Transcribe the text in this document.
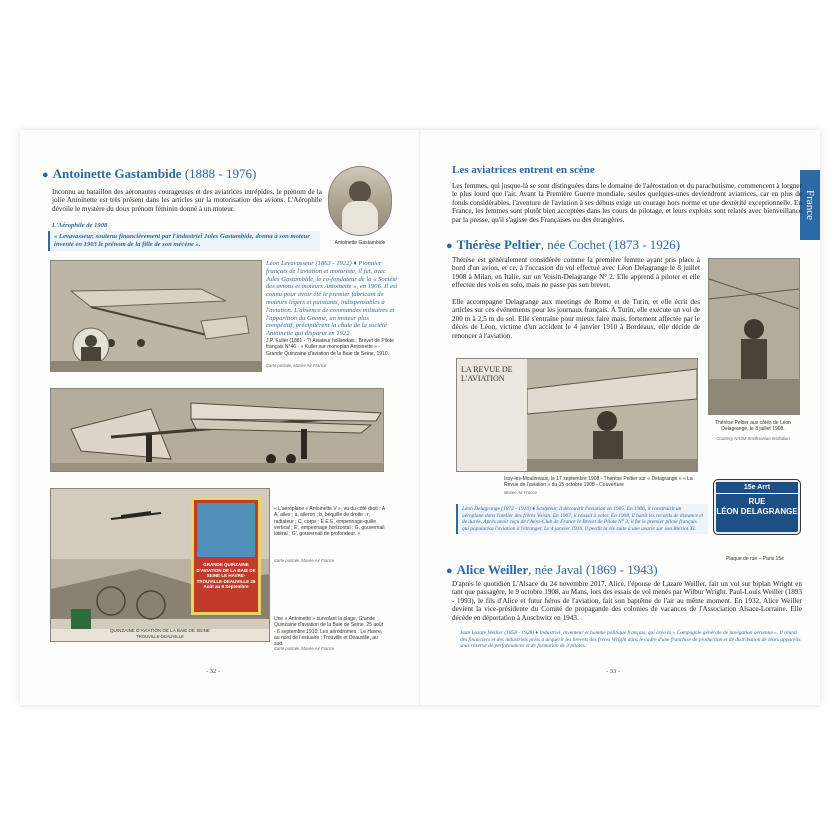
● Antoinette Gastambide (1888 - 1976)
Inconnu au bataillon des aéronautes courageuses et des aviatrices intrépides, le prénom de la jolie Antoinette est très présent dans les articles sur la motorisation des avions. L'Aérophile dévoile le mystère du doux prénom féminin donné à un moteur.
Antoinette Gastambide
L'Aérophile de 1908
« Levavasseur, soutenu financièrement par l'industriel Jules Gastambide, donna à son moteur inventé en 1903 le prénom de la fille de son mécène ».
Léon Levavasseur (1863 - 1922) ♦ Pionnier français de l'aviation et motoriste, il fut, avec Jules Gastambide, le co-fondateur de la « Société des avions et moteurs Antoinette », en 1906. Il est connu pour avoir été le premier fabricant de moteurs légers et puissants, indispensables à l'aviation. L'absence de commandes militaires et l'apparition du Gnome, un moteur plus compétitif, précipitèrent la chute de la société Antoinette qui disparut en 1922.
J.P. Kuller (1881 - ?) Aviateur hollandais ; Brevet de Pilote français N°46 - « Kuller sur monoplan Antoinette » - Grande Quinzaine d'aviation de la Baie de Seine, 1910.
Carte postale, Musée Air France
QUINZAINE D'AVIATION DE LA BAIE DE SEINE
TROUVILLE-DEAUVILLE
GRANDE QUINZAINE D'AVIATION DE LA BAIE DE SEINE LE HAVRE-TROUVILLE-DEAUVILLE 25 Août au 6 Septembre
« L'aéroplane « Antoinette V », vu du côté droit : A A, ailes ; a, aileron ; b, béquille de droite ; r, radiateur ; C, corps ; E E E, empennage-quille vertical ; E', empennage horizontal ; G, gouvernail latéral ; G', gouvernail de profondeur. »
Carte postale, Musée Air France
Une « Antoinette » survolant la plage. Grande Quinzaine d'aviation de la Baie de Seine, 25 août - 6 septembre 1910. Les aérodromes : Le Havre, au nord de l'estuaire ; Trouville et Deauville, au sud.
Carte postale, Musée Air France
- 32 -
France
Les aviatrices entrent en scène
Les femmes, qui jusque-là se sont distinguées dans le domaine de l'aérostation et du parachutisme, commencent à lorgner le plus lourd que l'air. Avant la Première Guerre mondiale, seules quelques-unes deviendront aviatrices, car en plus de fonds considérables, l'aventure de l'aviation à ses débuts exige un courage hors norme et une dextérité exceptionnelle. En France, les femmes sont plutôt bien acceptées dans les cours de pilotage, et leurs exploits sont relatés avec bienveillance par la presse, qu'il s'agisse des Françaises ou des étrangères.
● Thérèse Peltier, née Cochet (1873 - 1926)
Thérèse est généralement considérée comme la première femme ayant pris place à bord d'un avion, et ce, à l'occasion du vol effectué avec Léon Delagrange le 8 juillet 1908 à Milan, en Italie, sur un Voisin-Delagrange N° 2. Elle apprend à piloter et elle effectue des vols en solo, mais ne passe pas son brevet.
Elle accompagne Delagrange aux meetings de Rome et de Turin, et elle écrit des articles sur ces événements pour les journaux français. À Turin, elle exécute un vol de 200 m à 2,5 m du sol. Elle s'entraîne pour mieux faire mais, fortement affectée par le décès de Léon, victime d'un accident le 4 janvier 1910 à Bordeaux, elle décide de renoncer à l'aviation.
Thérèse Peltier aux côtés de Léon Delagrange, le 8 juillet 1908.
Courtesy NASM Smithsonian Institution
LA REVUE DE L'AVIATION
Issy-les-Moulineaux, le 17 septembre 1908 - Thérèse Peltier sur « Delagrange » « La Revue de l'aviation » du 15 octobre 1908 - Couverture
Musée Air France
Léon Delagrange (1872 - 1910) ♦ Sculpteur, il découvrit l'aviation en 1905. En 1906, il construisit un aéroplane dans l'atelier des frères Voisin. En 1907, il réussit à voler. En 1908, il battit les records de distance et de durée. Après avoir reçu de l'Aéro-Club de France le Brevet de Pilote N° 3, il fut le premier pilote français qui popularisa l'aviation à l'étranger. Le 4 janvier 1910, il perdit la vie suite à une avarie sur son Blériot XI.
15e Arrt
RUE
LÉON DELAGRANGE
Plaque de rue – Paris 15e
● Alice Weiller, née Javal (1869 - 1943)
D'après le quotidien L'Alsace du 24 novembre 2017, Alice, l'épouse de Lazare Weiller, fait un vol sur biplan Wright en tant que passagère, le 9 octobre 1908, au Mans, lors des essais de vol menés par Wilbur Wright. Paul-Louis Weiller (1893 - 1993), le fils d'Alice et futur héros de l'aviation, fait son baptême de l'air au même moment. En 1932, Alice Weiller devient la vice-présidente du Comité de propagande des colonies de vacances de l'Association Alsace-Lorraine. Elle décède en déportation à Auschwitz en 1943.
Jean Lazare Weiller (1858 - 1928) ♦ Industriel, inventeur et homme politique français, qui créa la « Compagnie générale de navigation aérienne ». Il réunit des financiers et des industriels prêts à acquérir les brevets des frères Wright dans le cadre d'une franchise de production et de distribution de leurs appareils, sous réserve de performances et de formation de 3 pilotes.
- 33 -
